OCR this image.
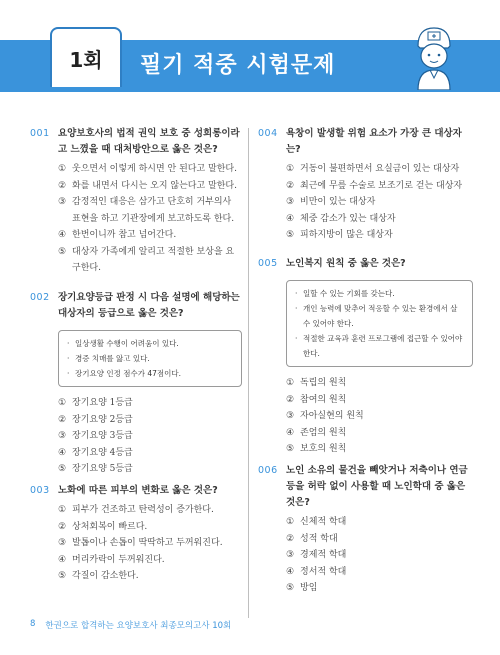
1회	필기 적중 시험문제
001 요양보호사의 법적 권익 보호 중 성희롱이라고 느꼈을 때 대처방안으로 옳은 것은?
① 웃으면서 이렇게 하시면 안 된다고 말한다.
② 화를 내면서 다시는 오지 않는다고 말한다.
③ 감정적인 대응은 삼가고 단호히 거부의사 표현을 하고 기관장에게 보고하도록 한다.
④ 한번이니까 참고 넘어간다.
⑤ 대상자 가족에게 알리고 적절한 보상을 요구한다.
002 장기요양등급 판정 시 다음 설명에 해당하는 대상자의 등급으로 옳은 것은?
· 일상생활 수행이 어려움이 있다.
· 경증 치매를 앓고 있다.
· 장기요양 인정 점수가 47점이다.
① 장기요양 1등급
② 장기요양 2등급
③ 장기요양 3등급
④ 장기요양 4등급
⑤ 장기요양 5등급
003 노화에 따른 피부의 변화로 옳은 것은?
① 피부가 건조하고 탄력성이 증가한다.
② 상처회복이 빠르다.
③ 발톱이나 손톱이 딱딱하고 두꺼워진다.
④ 머리카락이 두꺼워진다.
⑤ 각질이 감소한다.
004 욕창이 발생할 위험 요소가 가장 큰 대상자는?
① 거동이 불편하면서 요실금이 있는 대상자
② 최근에 무릎 수술로 보조기로 걷는 대상자
③ 비만이 있는 대상자
④ 체중 감소가 있는 대상자
⑤ 피하지방이 많은 대상자
005 노인복지 원칙 중 옳은 것은?
· 일할 수 있는 기회를 갖는다.
· 개인 능력에 맞추어 적응할 수 있는 환경에서 살 수 있어야 한다.
· 적절한 교육과 훈련 프로그램에 접근할 수 있어야 한다.
① 독립의 원칙
② 참여의 원칙
③ 자아실현의 원칙
④ 존엄의 원칙
⑤ 보호의 원칙
006 노인 소유의 물건을 빼앗거나 저축이나 연금 등을 허락 없이 사용할 때 노인학대 중 옳은 것은?
① 신체적 학대
② 성적 학대
③ 경제적 학대
④ 정서적 학대
⑤ 방임
8 한권으로 합격하는 요양보호사 최종모의고사 10회
